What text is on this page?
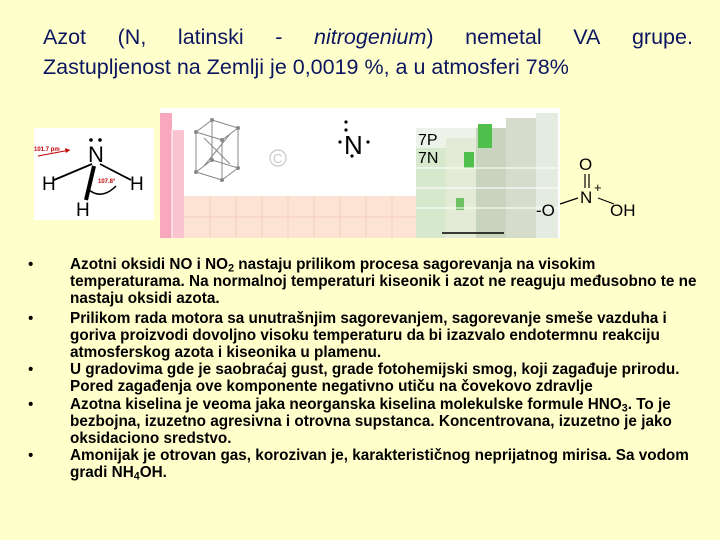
Azot (N, latinski - nitrogenium) nemetal VA grupe.
Zastupljenost na Zemlji je 0,0019 %, a u atmosferi 78%
101.7 pm N
107.8°
H	H
H
C N	7P
7N	O
N
+
-O	OH
• Azotni oksidi NO i $NO_2$ nastaju prilikom procesa sagorevanja na visokim temperaturama. Na normalnoj temperaturi kiseonik i azot ne reaguju međusobno te ne nastaju oksidi azota.
• Prilikom rada motora sa unutrašnjim sagorevanjem, sagorevanje smeše vazduha i goriva proizvodi dovoljno visoku temperaturu da bi izazvalo endotermnu reakciju atmosferskog azota i kiseonika u plamenu.
• U gradovima gde je saobraćaj gust, grade fotohemijski smog, koji zagađuje prirodu. Pored zagađenja ove komponente negativno utiču na čovekovo zdravlje
• Azotna kiselina je veoma jaka neorganska kiselina molekulske formule $HNO_3$. To je bezbojna, izuzetno agresivna i otrovna supstanca. Koncentrovana, izuzetno je jako oksidaciono sredstvo.
• Amonijak je otrovan gas, korozivan je, karakterističnog neprijatnog mirisa. Sa vodom gradi $NH_4OH$.
